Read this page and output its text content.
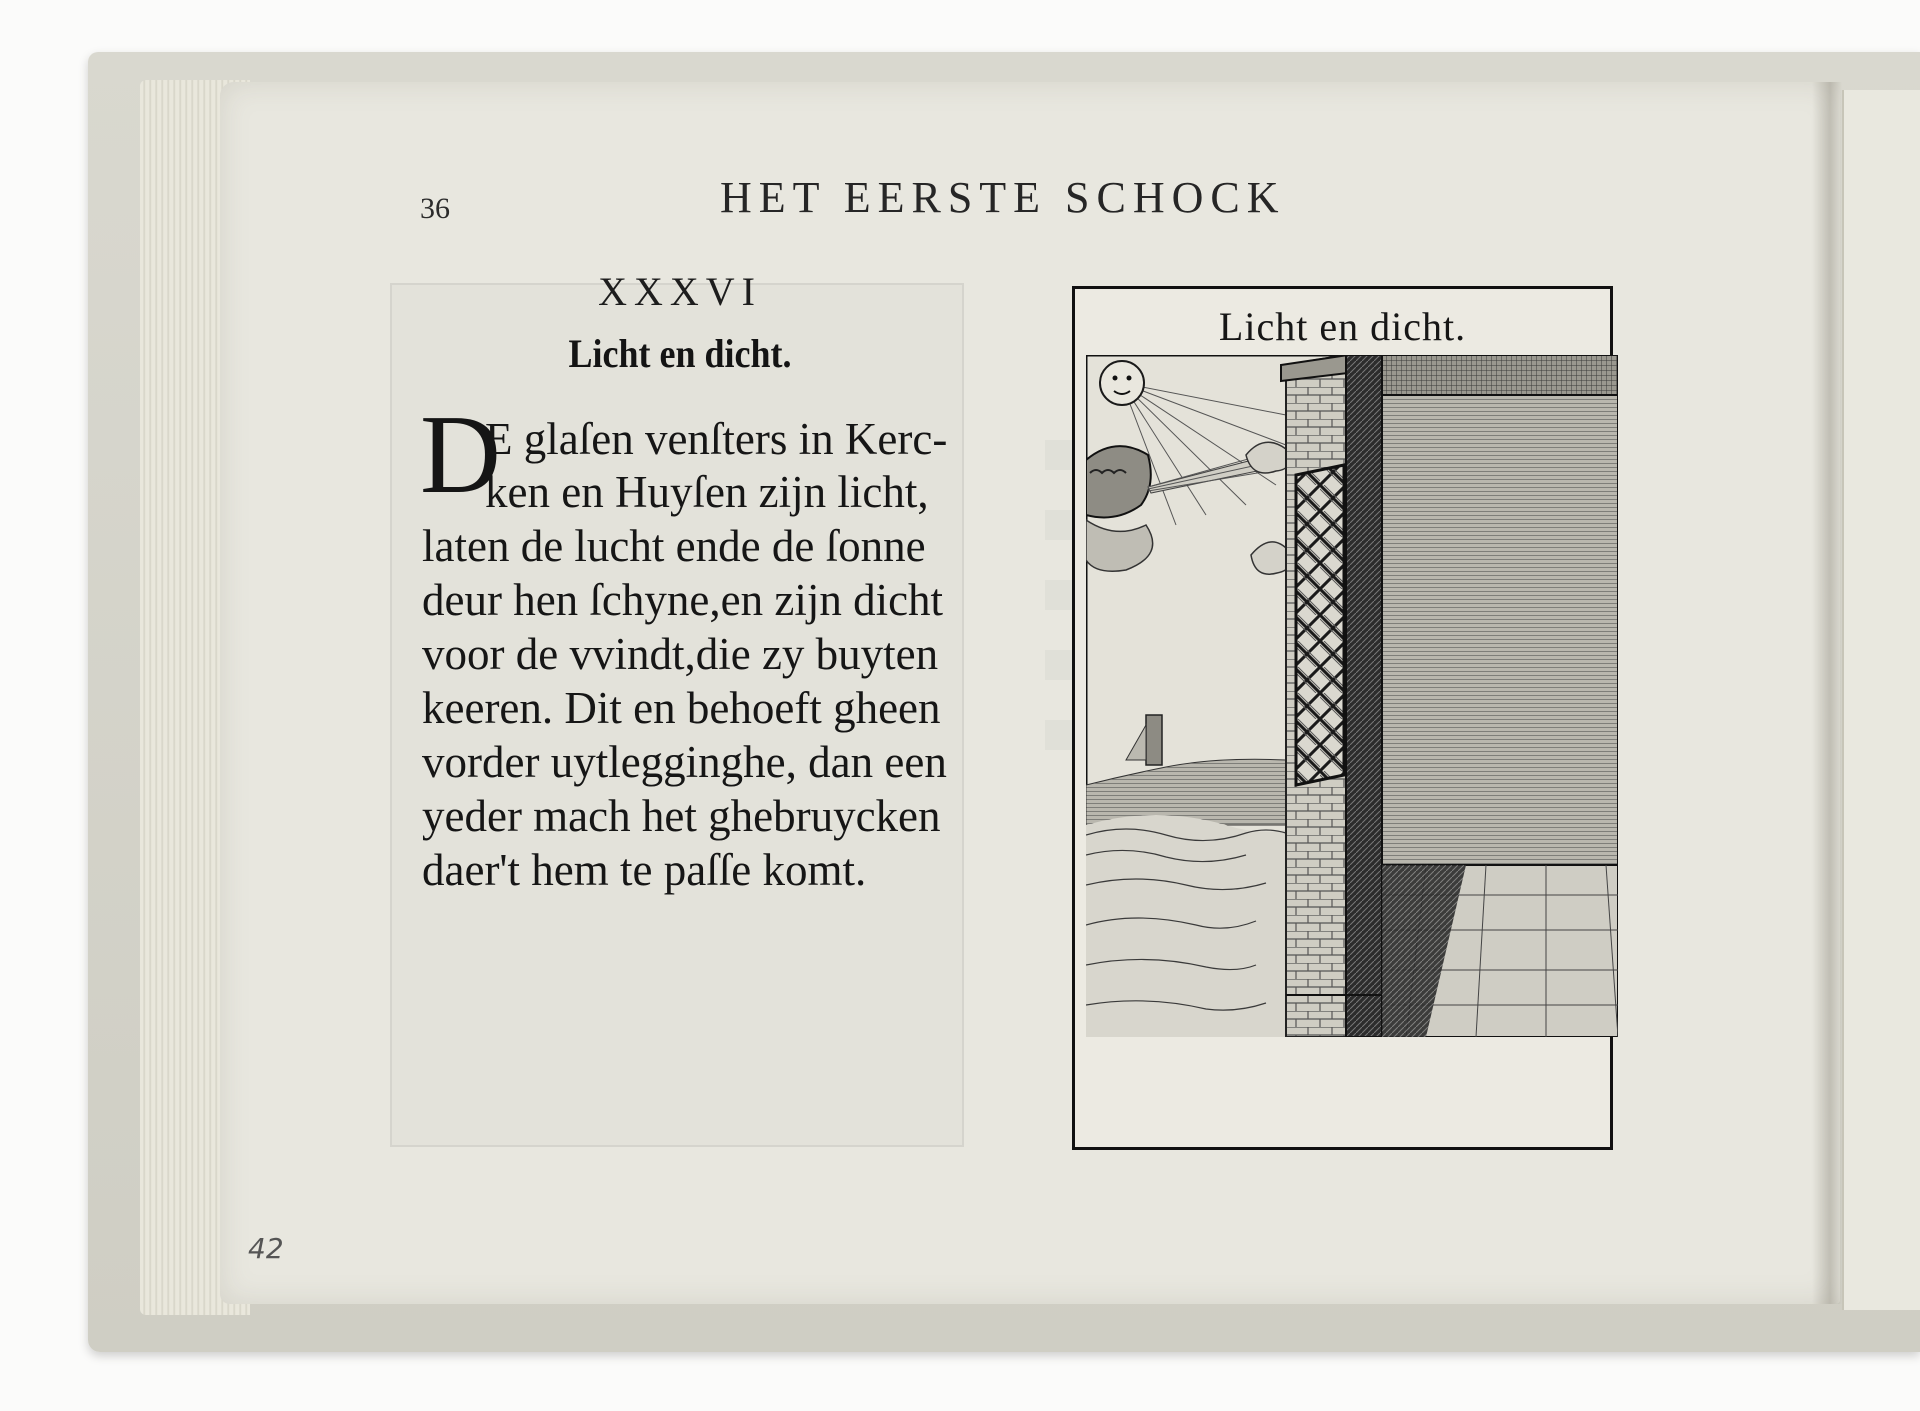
36	HET EERSTE SCHOCK
XXXVI
Licht en dicht.
D
E glaſen venſters in Kerc-
ken en Huyſen zijn licht,
laten de lucht ende de ſonne
deur hen ſchyne,en zijn dicht
voor de vvindt,die zy buyten
keeren. Dit en behoeft gheen
vorder uytlegginghe, dan een
yeder mach het ghebruycken
daer't hem te paſſe komt.
Licht en dicht.
42
